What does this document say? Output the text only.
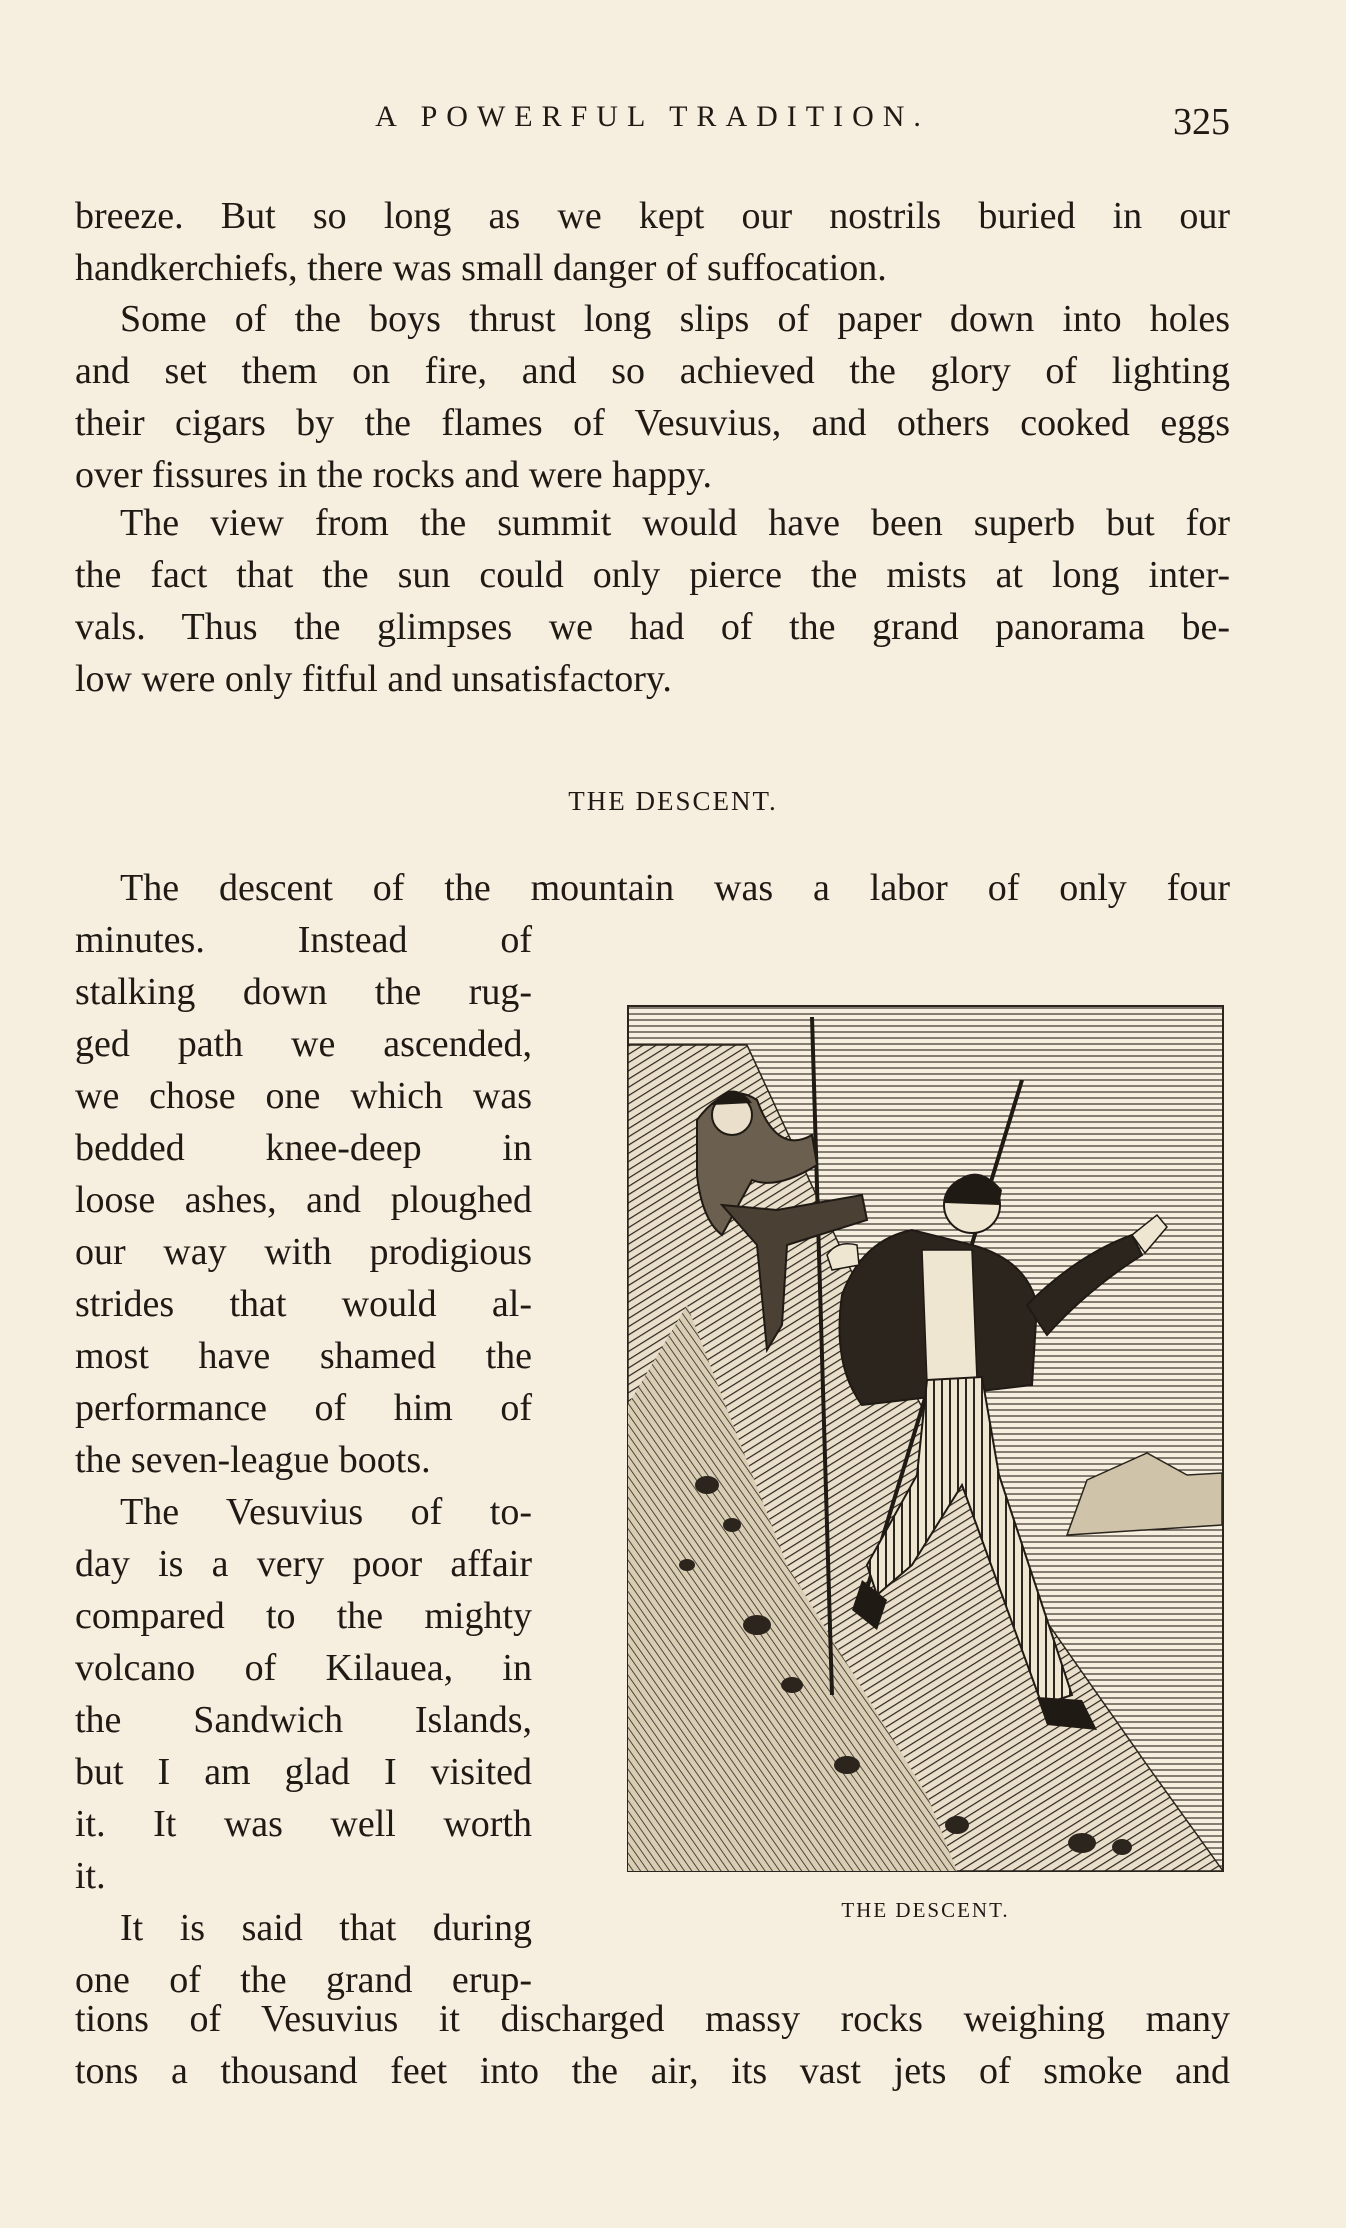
A POWERFUL TRADITION.	325
breeze. But so long as we kept our nostrils buried in our
handkerchiefs, there was small danger of suffocation.
Some of the boys thrust long slips of paper down into holes
and set them on fire, and so achieved the glory of lighting
their cigars by the flames of Vesuvius, and others cooked eggs
over fissures in the rocks and were happy.
The view from the summit would have been superb but for
the fact that the sun could only pierce the mists at long inter-
vals. Thus the glimpses we had of the grand panorama be-
low were only fitful and unsatisfactory.
THE DESCENT.
The descent of the mountain was a labor of only four
minutes. Instead of
stalking down the rug-
ged path we ascended,
we chose one which was
bedded knee-deep in
loose ashes, and ploughed
our way with prodigious
strides that would al-
most have shamed the
performance of him of
the seven-league boots.
The Vesuvius of to-
day is a very poor affair
compared to the mighty
volcano of Kilauea, in
the Sandwich Islands,
but I am glad I visited
it. It was well worth
it.
It is said that during
one of the grand erup-
tions of Vesuvius it discharged massy rocks weighing many
tons a thousand feet into the air, its vast jets of smoke and
THE DESCENT.
